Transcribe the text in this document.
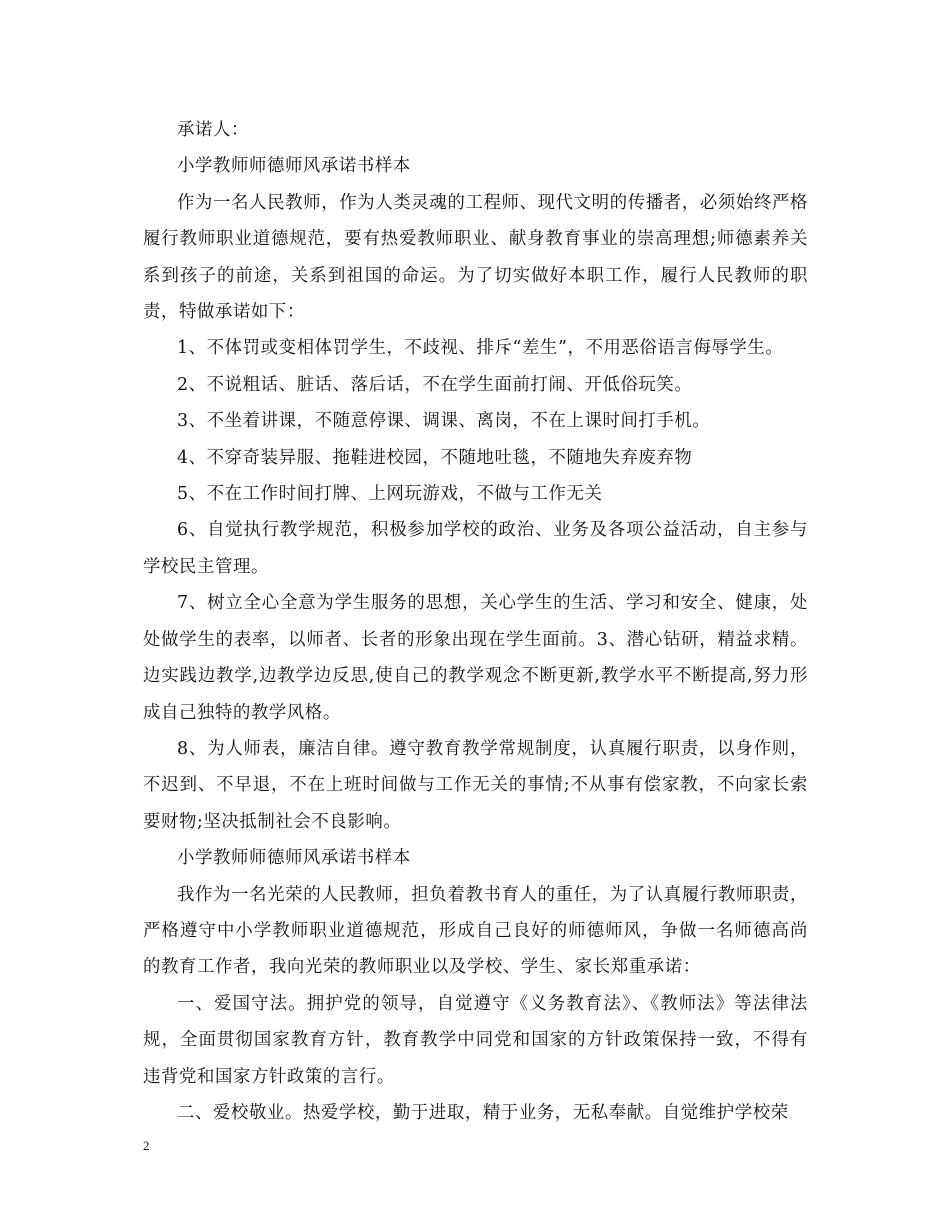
承诺人：

小学教师师德师风承诺书样本

作为一名人民教师，作为人类灵魂的工程师、现代文明的传播者，必须始终严格履行教师职业道德规范，要有热爱教师职业、献身教育事业的崇高理想;师德素养关系到孩子的前途，关系到祖国的命运。为了切实做好本职工作，履行人民教师的职责，特做承诺如下：

1、不体罚或变相体罚学生，不歧视、排斥“差生”，不用恶俗语言侮辱学生。

2、不说粗话、脏话、落后话，不在学生面前打闹、开低俗玩笑。

3、不坐着讲课，不随意停课、调课、离岗，不在上课时间打手机。

4、不穿奇装异服、拖鞋进校园，不随地吐毯，不随地失弃废弃物

5、不在工作时间打牌、上网玩游戏，不做与工作无关

6、自觉执行教学规范，积极参加学校的政治、业务及各项公益活动，自主参与学校民主管理。

7、树立全心全意为学生服务的思想，关心学生的生活、学习和安全、健康，处处做学生的表率，以师者、长者的形象出现在学生面前。3、潜心钻研，精益求精。边实践边教学,边教学边反思,使自己的教学观念不断更新,教学水平不断提高,努力形成自己独特的教学风格。

8、为人师表，廉洁自律。遵守教育教学常规制度，认真履行职责，以身作则，不迟到、不早退，不在上班时间做与工作无关的事情;不从事有偿家教，不向家长索要财物;坚决抵制社会不良影响。

小学教师师德师风承诺书样本

我作为一名光荣的人民教师，担负着教书育人的重任，为了认真履行教师职责，严格遵守中小学教师职业道德规范，形成自己良好的师德师风，争做一名师德高尚的教育工作者，我向光荣的教师职业以及学校、学生、家长郑重承诺：

一、爱国守法。拥护党的领导，自觉遵守《义务教育法》、《教师法》等法律法规，全面贯彻国家教育方针，教育教学中同党和国家的方针政策保持一致，不得有违背党和国家方针政策的言行。

二、爱校敬业。热爱学校，勤于进取，精于业务，无私奉献。自觉维护学校荣

2
